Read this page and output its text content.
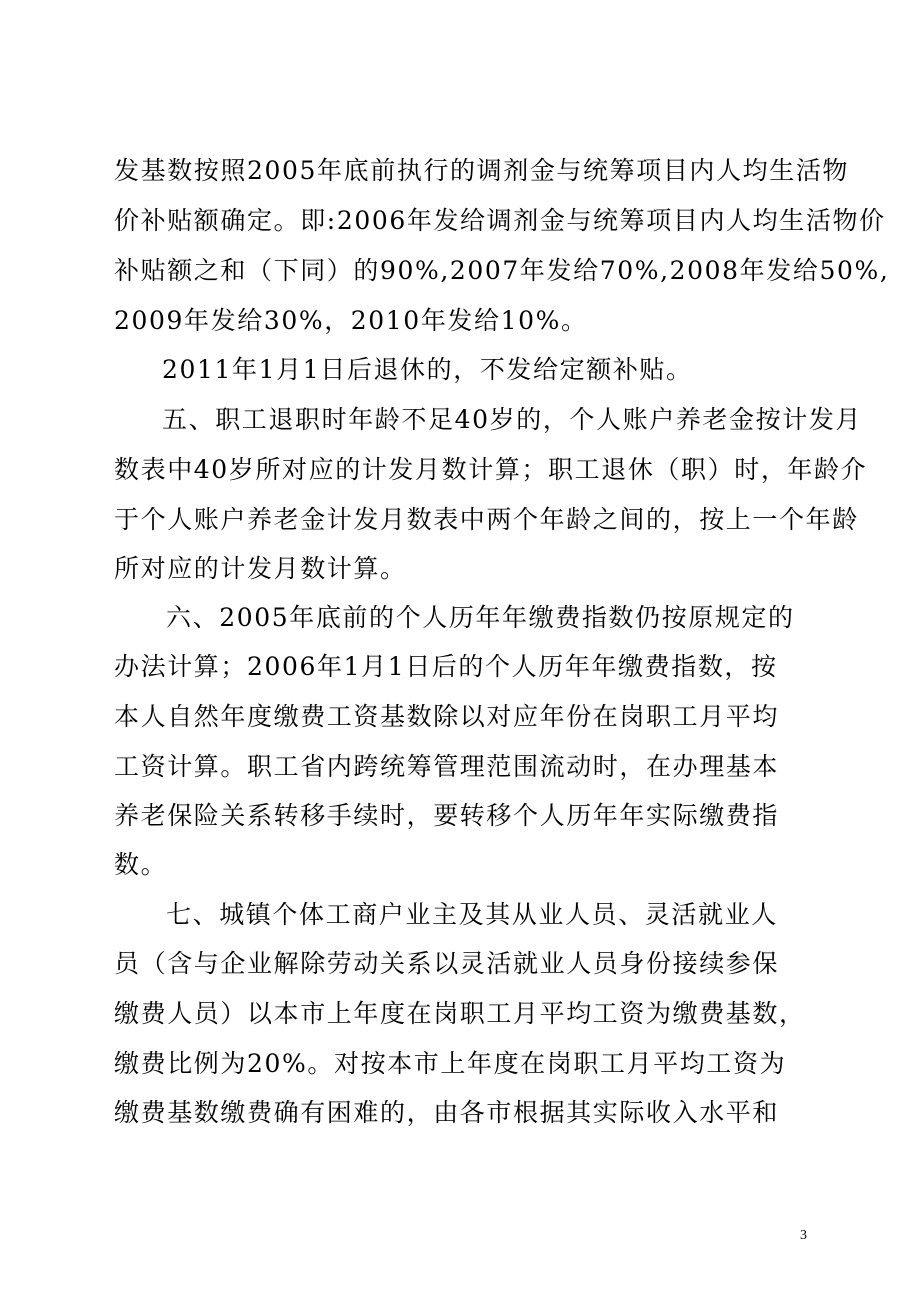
发基数按照2005年底前执行的调剂金与统筹项目内人均生活物
价补贴额确定。即:2006年发给调剂金与统筹项目内人均生活物价
补贴额之和（下同）的90%,2007年发给70%,2008年发给50%,
2009年发给30%，2010年发给10%。
2011年1月1日后退休的，不发给定额补贴。
五、职工退职时年龄不足40岁的，个人账户养老金按计发月
数表中40岁所对应的计发月数计算；职工退休（职）时，年龄介
于个人账户养老金计发月数表中两个年龄之间的，按上一个年龄
所对应的计发月数计算。
六、2005年底前的个人历年年缴费指数仍按原规定的
办法计算；2006年1月1日后的个人历年年缴费指数，按
本人自然年度缴费工资基数除以对应年份在岗职工月平均
工资计算。职工省内跨统筹管理范围流动时，在办理基本
养老保险关系转移手续时，要转移个人历年年实际缴费指
数。
七、城镇个体工商户业主及其从业人员、灵活就业人
员（含与企业解除劳动关系以灵活就业人员身份接续参保
缴费人员）以本市上年度在岗职工月平均工资为缴费基数，
缴费比例为20%。对按本市上年度在岗职工月平均工资为
缴费基数缴费确有困难的，由各市根据其实际收入水平和
3
